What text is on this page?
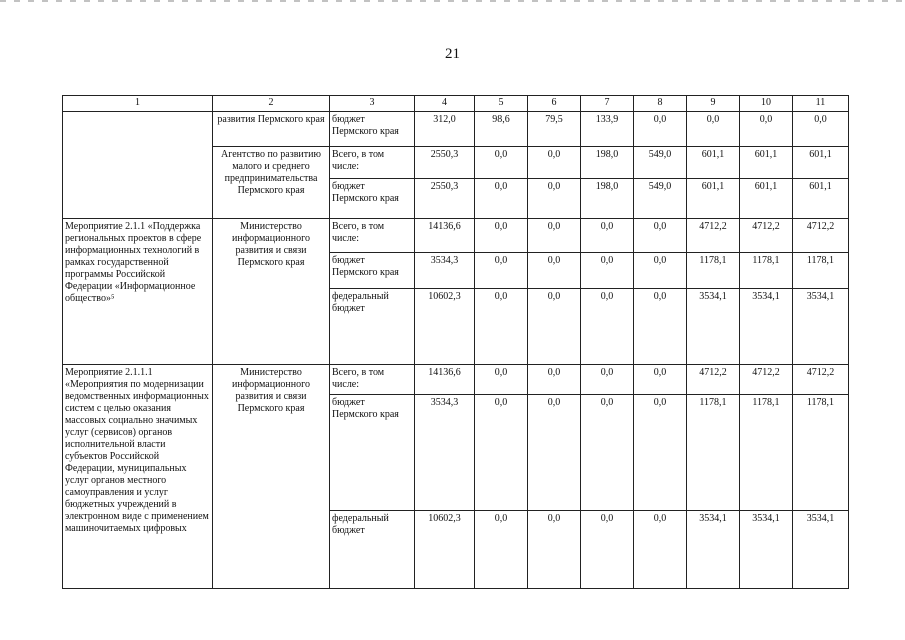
21
1	2	3	4	5	6	7	8	9	10	11
	развития Пермского края	бюджет Пермского края	312,0	98,6	79,5	133,9	0,0	0,0	0,0	0,0
	Агентство по развитию малого и среднего предпринимательства Пермского края	Всего, в том числе:	2550,3	0,0	0,0	198,0	549,0	601,1	601,1	601,1
		бюджет Пермского края	2550,3	0,0	0,0	198,0	549,0	601,1	601,1	601,1
Мероприятие 2.1.1 «Поддержка региональных проектов в сфере информационных технологий в рамках государственной программы Российской Федерации «Информационное общество»⁵	Министерство информационного развития и связи Пермского края	Всего, в том числе:	14136,6	0,0	0,0	0,0	0,0	4712,2	4712,2	4712,2
		бюджет Пермского края	3534,3	0,0	0,0	0,0	0,0	1178,1	1178,1	1178,1
		федеральный бюджет	10602,3	0,0	0,0	0,0	0,0	3534,1	3534,1	3534,1
Мероприятие 2.1.1.1 «Мероприятия по модернизации ведомственных информационных систем с целью оказания массовых социально значимых услуг (сервисов) органов исполнительной власти субъектов Российской Федерации, муниципальных услуг органов местного самоуправления и услуг бюджетных учреждений в электронном виде с применением машиночитаемых цифровых	Министерство информационного развития и связи Пермского края	Всего, в том числе:	14136,6	0,0	0,0	0,0	0,0	4712,2	4712,2	4712,2
		бюджет Пермского края	3534,3	0,0	0,0	0,0	0,0	1178,1	1178,1	1178,1
		федеральный бюджет	10602,3	0,0	0,0	0,0	0,0	3534,1	3534,1	3534,1
